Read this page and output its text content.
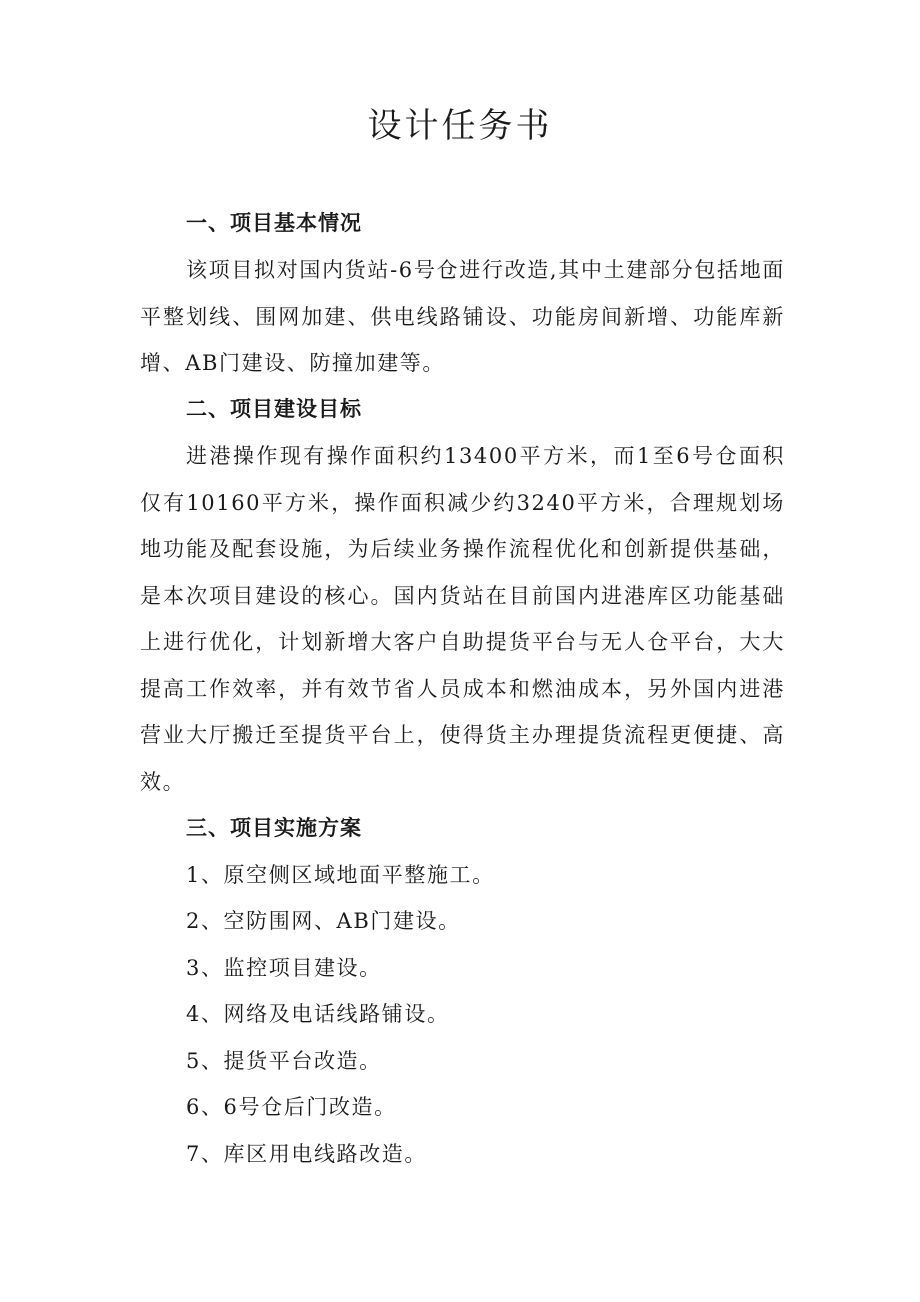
设计任务书
一、项目基本情况
该项目拟对国内货站-6号仓进行改造,其中土建部分包括地面平整划线、围网加建、供电线路铺设、功能房间新增、功能库新增、AB门建设、防撞加建等。
二、项目建设目标
进港操作现有操作面积约13400平方米，而1至6号仓面积仅有10160平方米，操作面积减少约3240平方米，合理规划场地功能及配套设施，为后续业务操作流程优化和创新提供基础，是本次项目建设的核心。国内货站在目前国内进港库区功能基础上进行优化，计划新增大客户自助提货平台与无人仓平台，大大提高工作效率，并有效节省人员成本和燃油成本，另外国内进港营业大厅搬迁至提货平台上，使得货主办理提货流程更便捷、高效。
三、项目实施方案
1、原空侧区域地面平整施工。
2、空防围网、AB门建设。
3、监控项目建设。
4、网络及电话线路铺设。
5、提货平台改造。
6、6号仓后门改造。
7、库区用电线路改造。
